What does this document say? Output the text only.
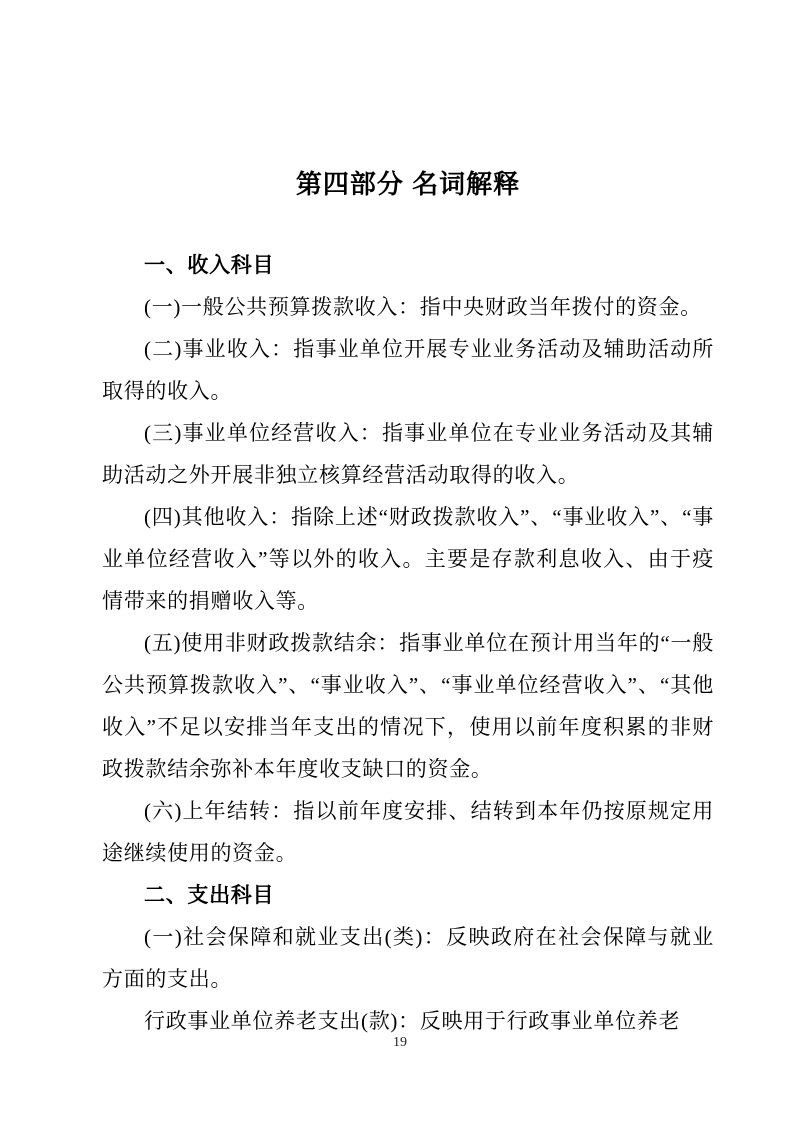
第四部分 名词解释
一、收入科目

(一)一般公共预算拨款收入：指中央财政当年拨付的资金。

(二)事业收入：指事业单位开展专业业务活动及辅助活动所取得的收入。

(三)事业单位经营收入：指事业单位在专业业务活动及其辅助活动之外开展非独立核算经营活动取得的收入。

(四)其他收入：指除上述“财政拨款收入”、“事业收入”、“事业单位经营收入”等以外的收入。主要是存款利息收入、由于疫情带来的捐赠收入等。

(五)使用非财政拨款结余：指事业单位在预计用当年的“一般公共预算拨款收入”、“事业收入”、“事业单位经营收入”、“其他收入”不足以安排当年支出的情况下，使用以前年度积累的非财政拨款结余弥补本年度收支缺口的资金。

(六)上年结转：指以前年度安排、结转到本年仍按原规定用途继续使用的资金。

二、支出科目

(一)社会保障和就业支出(类)：反映政府在社会保障与就业方面的支出。

行政事业单位养老支出(款)：反映用于行政事业单位养老

19
